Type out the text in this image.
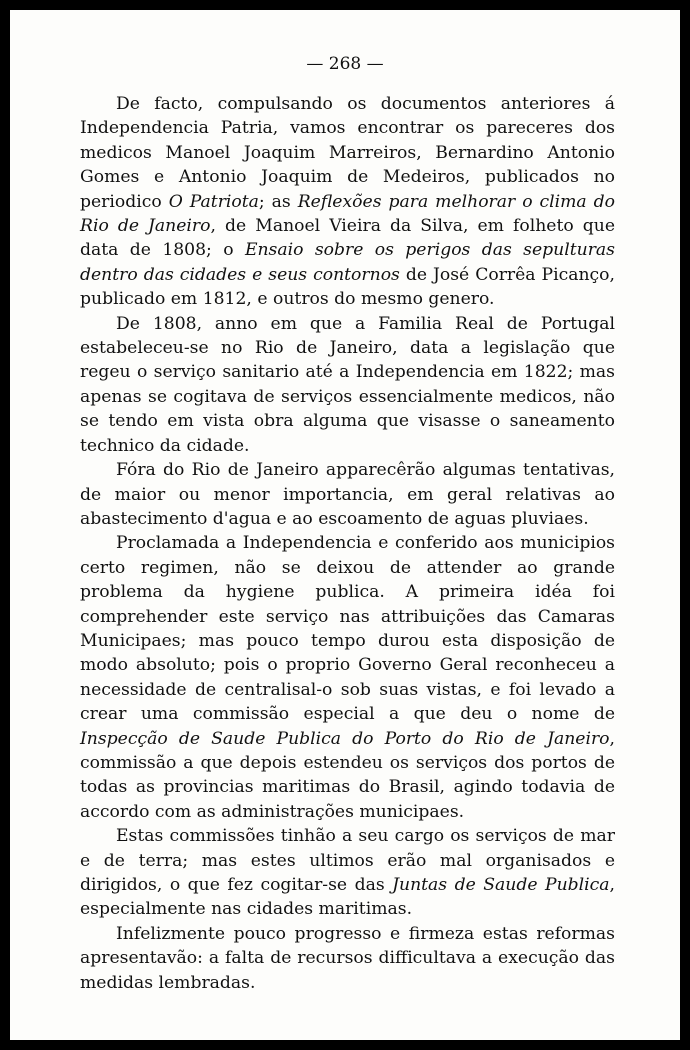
— 268 —

De facto, compulsando os documentos anteriores á Independencia Patria, vamos encontrar os pareceres dos medicos Manoel Joaquim Marreiros, Bernardino Antonio Gomes e Antonio Joaquim de Medeiros, publicados no periodico O Patriota; as Reflexões para melhorar o clima do Rio de Janeiro, de Manoel Vieira da Silva, em folheto que data de 1808; o Ensaio sobre os perigos das sepulturas dentro das cidades e seus contornos de José Corrêa Picanço, publicado em 1812, e outros do mesmo genero.

De 1808, anno em que a Familia Real de Portugal estabeleceu-se no Rio de Janeiro, data a legislação que regeu o serviço sanitario até a Independencia em 1822; mas apenas se cogitava de serviços essencialmente medicos, não se tendo em vista obra alguma que visasse o saneamento technico da cidade.

Fóra do Rio de Janeiro apparecêrão algumas tentativas, de maior ou menor importancia, em geral relativas ao abastecimento d'agua e ao escoamento de aguas pluviaes.

Proclamada a Independencia e conferido aos municipios certo regimen, não se deixou de attender ao grande problema da hygiene publica. A primeira idéa foi comprehender este serviço nas attribuições das Camaras Municipaes; mas pouco tempo durou esta disposição de modo absoluto; pois o proprio Governo Geral reconheceu a necessidade de centralisal-o sob suas vistas, e foi levado a crear uma commissão especial a que deu o nome de Inspecção de Saude Publica do Porto do Rio de Janeiro, commissão a que depois estendeu os serviços dos portos de todas as provincias maritimas do Brasil, agindo todavia de accordo com as administrações municipaes.

Estas commissões tinhão a seu cargo os serviços de mar e de terra; mas estes ultimos erão mal organisados e dirigidos, o que fez cogitar-se das Juntas de Saude Publica, especialmente nas cidades maritimas.

Infelizmente pouco progresso e firmeza estas reformas apresentavão: a falta de recursos difficultava a execução das medidas lembradas.
